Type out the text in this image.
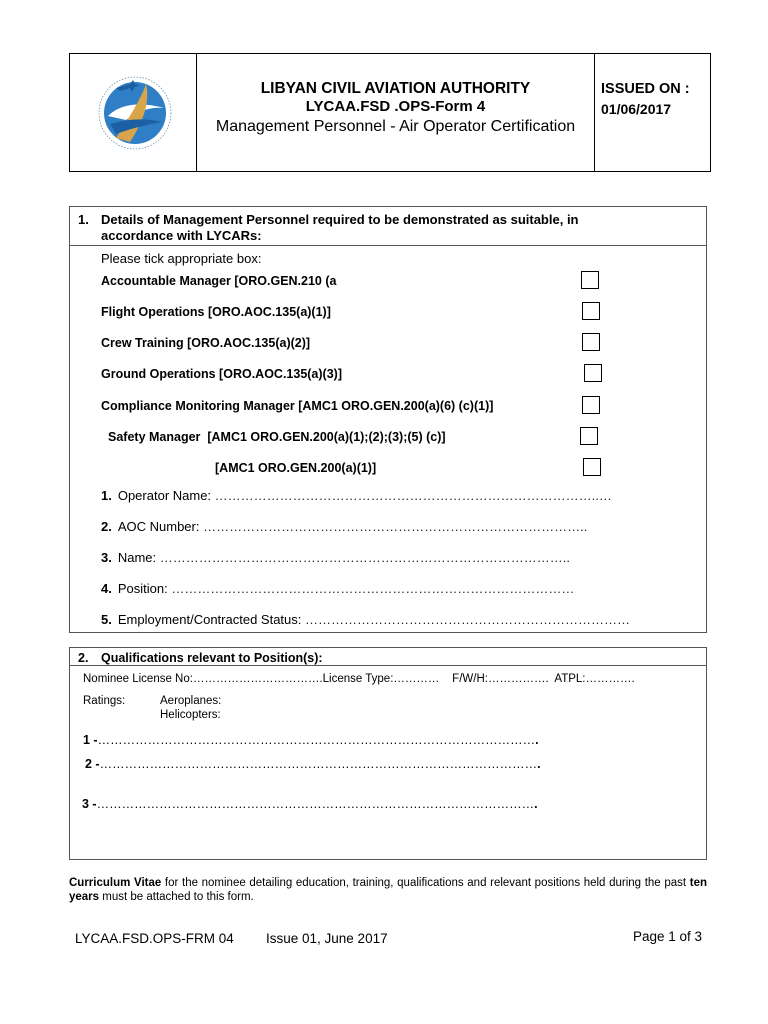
LIBYAN CIVIL AVIATION AUTHORITY
LYCAA.FSD .OPS-Form 4
Management Personnel - Air Operator Certification
ISSUED ON :
01/06/2017
1. Details of Management Personnel required to be demonstrated as suitable, in accordance with LYCARs:
Please tick appropriate box:
Accountable Manager [ORO.GEN.210 (a
Flight Operations [ORO.AOC.135(a)(1)]
Crew Training [ORO.AOC.135(a)(2)]
Ground Operations [ORO.AOC.135(a)(3)]
Compliance Monitoring Manager [AMC1 ORO.GEN.200(a)(6) (c)(1)]
Safety Manager  [AMC1 ORO.GEN.200(a)(1);(2);(3);(5) (c)]
[AMC1 ORO.GEN.200(a)(1)]
1. Operator Name: ……………………………………………………………………………..…
2. AOC Number: ……………………………………………………………………………..
3. Name: …………………………………………………………………………………..
4. Position: …………………………………………………………………………………
5. Employment/Contracted Status: …………………………………………………………………
2. Qualifications relevant to Position(s):
Nominee License No:…………………………….License Type:…………    F/W/H:…………….  ATPL:………….
Ratings:	Aeroplanes:
Helicopters:
1 -…………………………………………………………………………………………….
2 -…………………………………………………………………………………………….
3 -…………………………………………………………………………………………….
Curriculum Vitae for the nominee detailing education, training, qualifications and relevant positions held during the past ten years must be attached to this form.
LYCAA.FSD.OPS-FRM 04 Issue 01, June 2017	Page 1 of 3
